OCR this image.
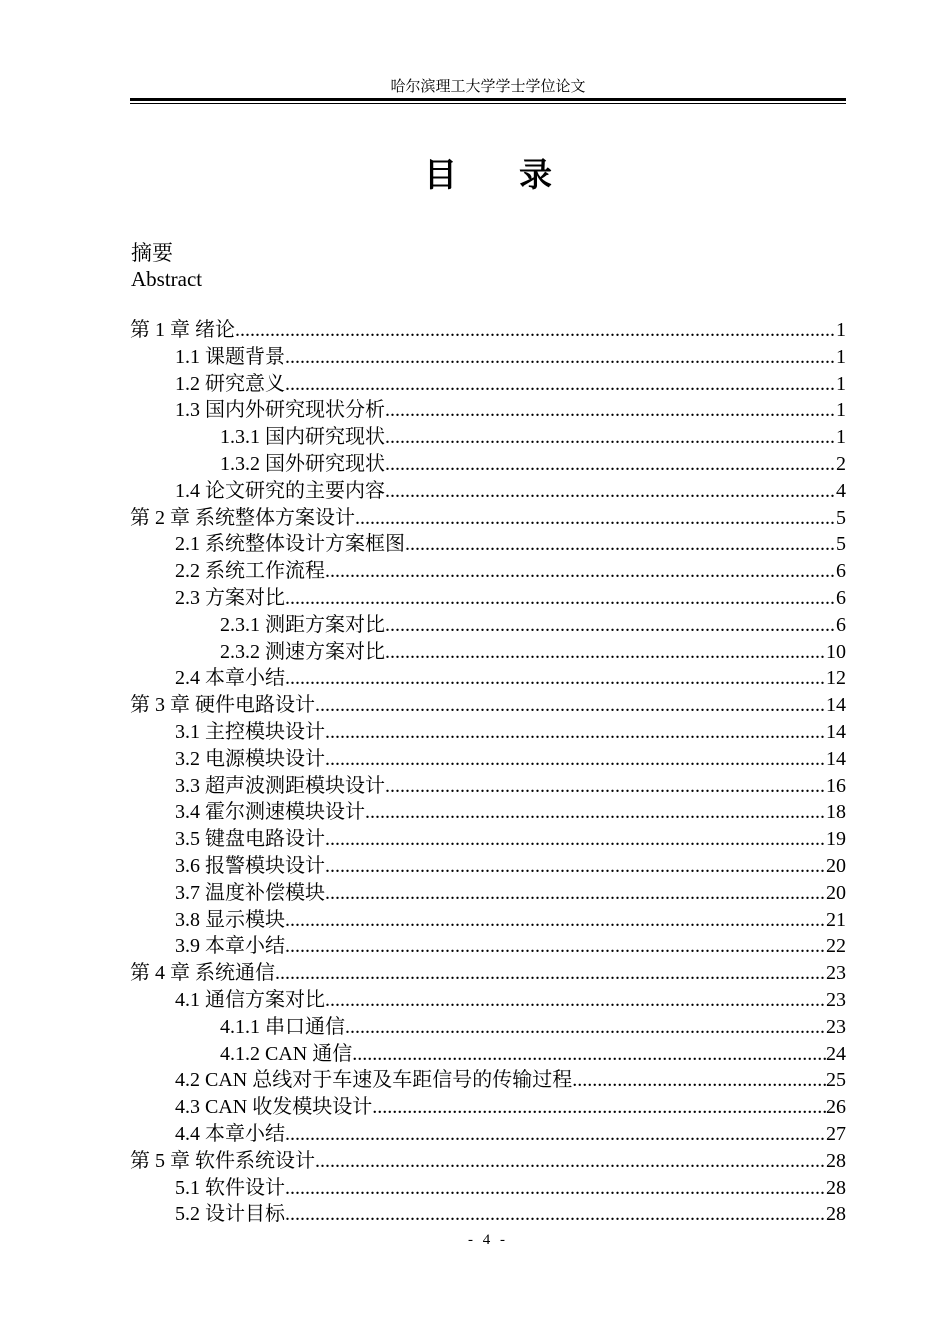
哈尔滨理工大学学士学位论文
目录
摘要
Abstract
第 1 章 绪论 .....	1
1.1 课题背景 .....	1
1.2 研究意义 .....	1
1.3 国内外研究现状分析 .....	1
1.3.1 国内研究现状 .....	1
1.3.2 国外研究现状 .....	2
1.4 论文研究的主要内容 .....	4
第 2 章 系统整体方案设计 .....	5
2.1 系统整体设计方案框图 .....	5
2.2 系统工作流程 .....	6
2.3 方案对比 .....	6
2.3.1 测距方案对比 .....	6
2.3.2 测速方案对比 .....	10
2.4 本章小结 .....	12
第 3 章 硬件电路设计 .....	14
3.1 主控模块设计 .....	14
3.2 电源模块设计 .....	14
3.3 超声波测距模块设计 .....	16
3.4 霍尔测速模块设计 .....	18
3.5 键盘电路设计 .....	19
3.6 报警模块设计 .....	20
3.7 温度补偿模块 .....	20
3.8 显示模块 .....	21
3.9 本章小结 .....	22
第 4 章 系统通信 .....	23
4.1 通信方案对比 .....	23
4.1.1 串口通信 .....	23
4.1.2 CAN 通信 .....	24
4.2 CAN 总线对于车速及车距信号的传输过程 .....	25
4.3 CAN 收发模块设计 .....	26
4.4 本章小结 .....	27
第 5 章 软件系统设计 .....	28
5.1 软件设计 .....	28
5.2 设计目标 .....	28
- 4 -
